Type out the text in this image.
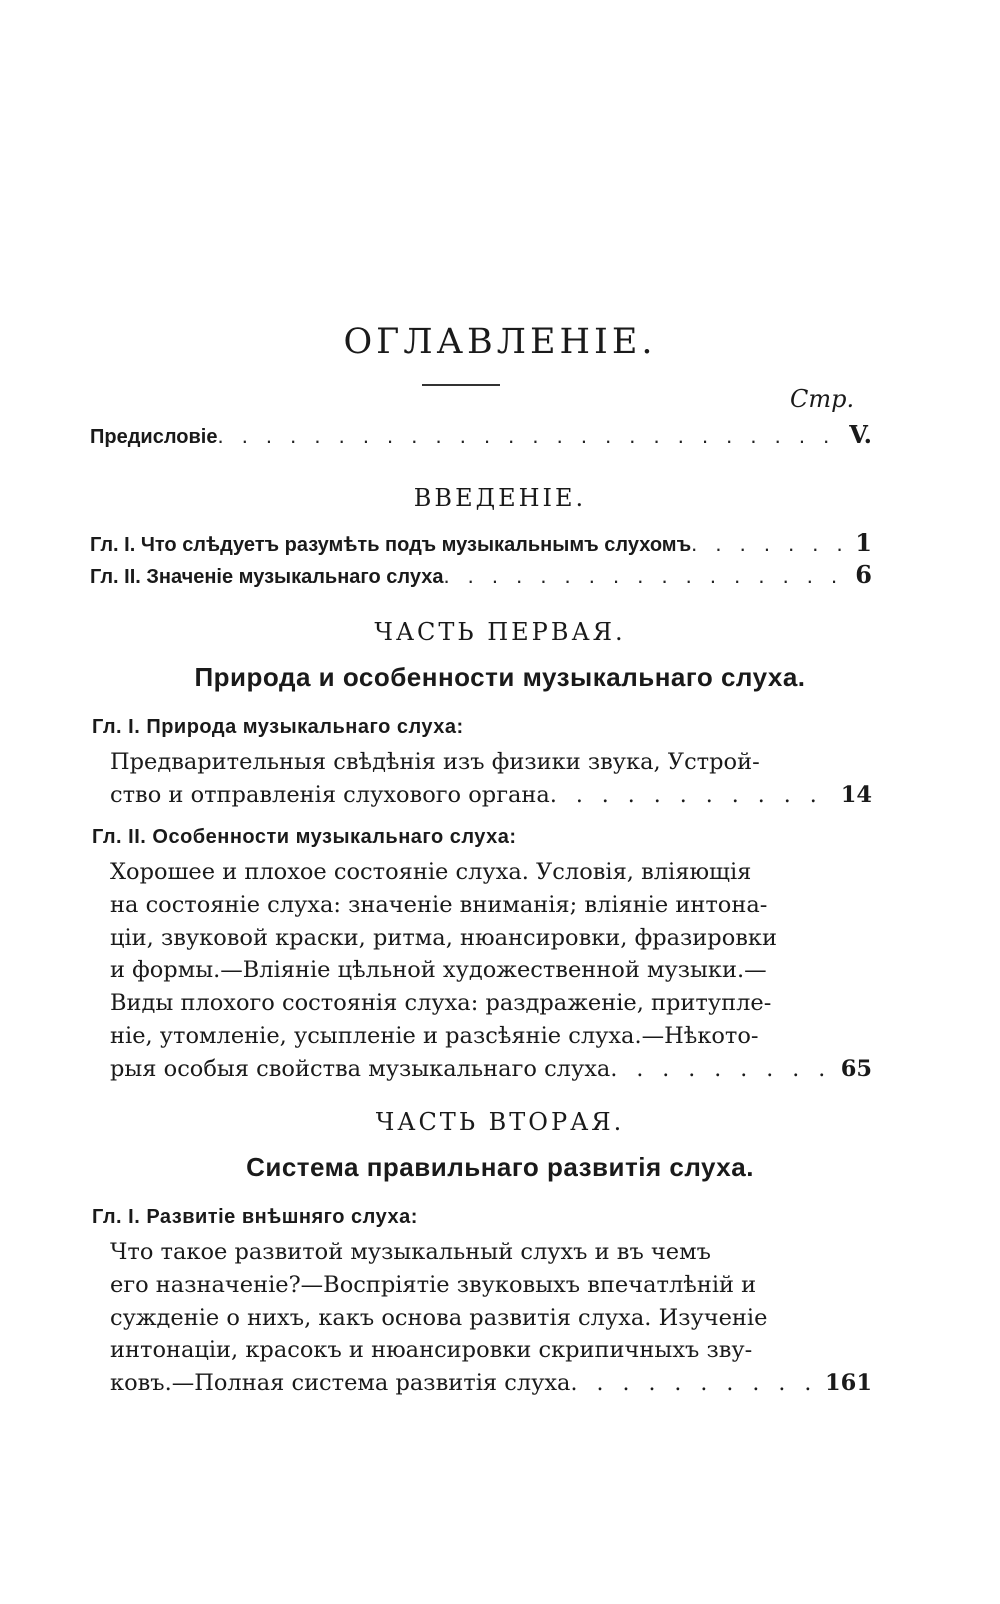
ОГЛАВЛЕНІЕ.
Стр.
Предисловіе . . .	V.
ВВЕДЕНІЕ.
Гл. I. Что слѣдуетъ разумѣть подъ музыкальнымъ слухомъ . . .	1
Гл. II. Значеніе музыкальнаго слуха . . .	6
ЧАСТЬ ПЕРВАЯ.
Природа и особенности музыкальнаго слуха.
Гл. I. Природа музыкальнаго слуха:
Предварительныя свѣдѣнія изъ физики звука, Устрой-
ство и отправленія слухового органа . . .	14
Гл. II. Особенности музыкальнаго слуха:
Хорошее и плохое состояніе слуха. Условія, вліяющія
на состояніе слуха: значеніе вниманія; вліяніе интона-
ціи, звуковой краски, ритма, нюансировки, фразировки
и формы.—Вліяніе цѣльной художественной музыки.—
Виды плохого состоянія слуха: раздраженіе, притупле-
ніе, утомленіе, усыпленіе и разсѣяніе слуха.—Нѣкото-
рыя особыя свойства музыкальнаго слуха . . .	65
ЧАСТЬ ВТОРАЯ.
Система правильнаго развитія слуха.
Гл. I. Развитіе внѣшняго слуха:
Что такое развитой музыкальный слухъ и въ чемъ
его назначеніе?—Воспріятіе звуковыхъ впечатлѣній и
сужденіе о нихъ, какъ основа развитія слуха. Изученіе
интонаціи, красокъ и нюансировки скрипичныхъ зву-
ковъ.—Полная система развитія слуха . . .	161
